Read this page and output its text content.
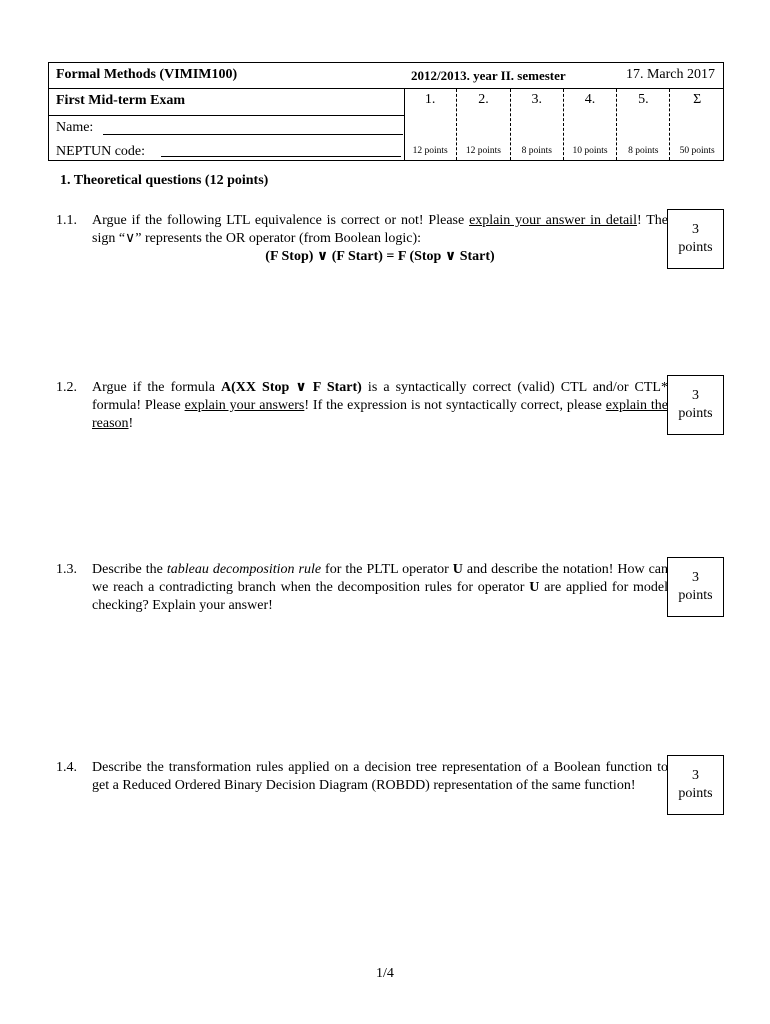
Formal Methods (VIMIM100)	2012/2013. year II. semester	17. March 2017
First Mid-term Exam
Name:
NEPTUN code:
1.
12 points
2.
12 points
3.
8 points
4.
10 points
5.
8 points
Σ
50 points
1. Theoretical questions (12 points)
1.1. Argue if the following LTL equivalence is correct or not! Please explain your answer in detail! The sign “∨” represents the OR operator (from Boolean logic):
(F Stop) ∨ (F Start) = F (Stop ∨ Start)
3
points
1.2. Argue if the formula A(XX Stop ∨ F Start) is a syntactically correct (valid) CTL and/or CTL* formula! Please explain your answers! If the expression is not syntactically correct, please explain the reason!
3
points
1.3. Describe the tableau decomposition rule for the PLTL operator U and describe the notation! How can we reach a contradicting branch when the decomposition rules for operator U are applied for model checking? Explain your answer!
3
points
1.4. Describe the transformation rules applied on a decision tree representation of a Boolean function to get a Reduced Ordered Binary Decision Diagram (ROBDD) representation of the same function!
3
points
1/4
